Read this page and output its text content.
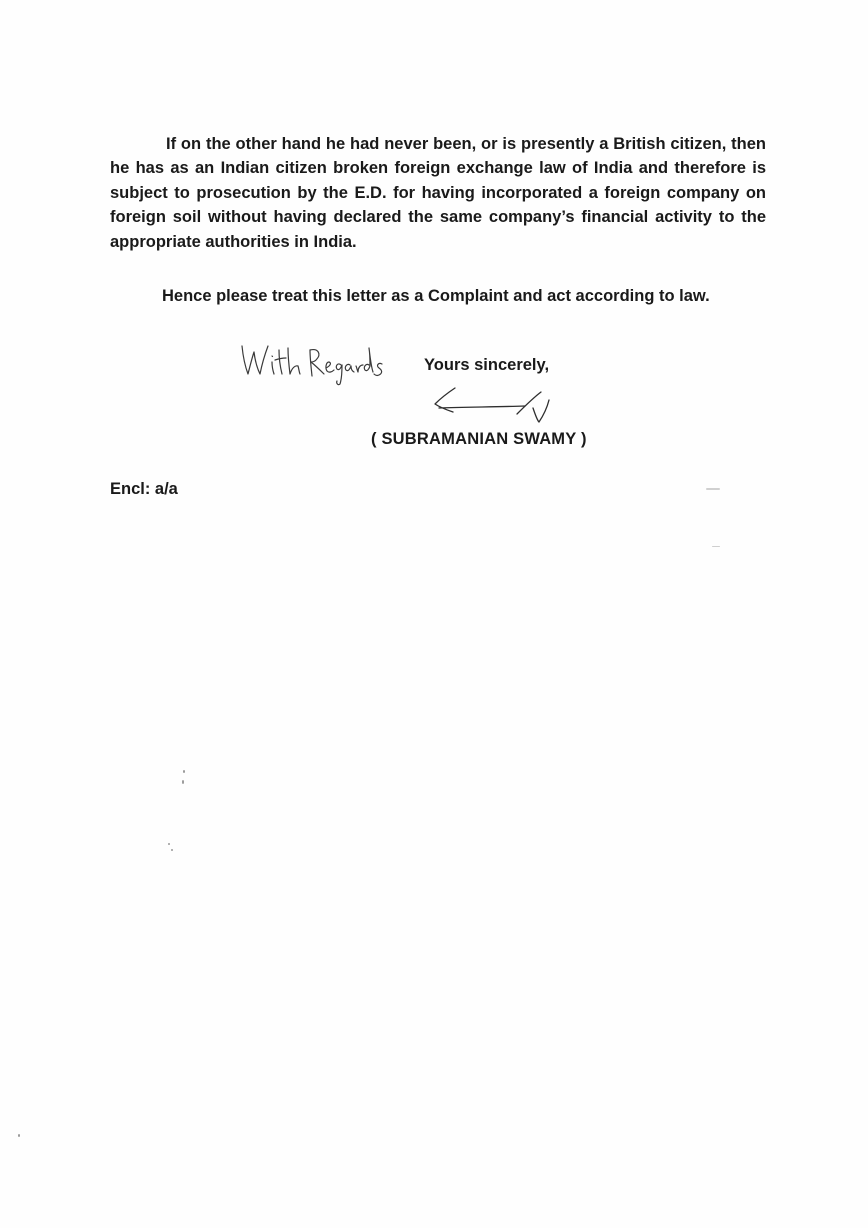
If on the other hand he had never been, or is presently a British citizen, then he has as an Indian citizen broken foreign exchange law of India and therefore is subject to prosecution by the E.D. for having incorporated a foreign company on foreign soil without having declared the same company’s financial activity to the appropriate authorities in India.

Hence please treat this letter as a Complaint and act according to law.

Yours sincerely,

( SUBRAMANIAN SWAMY )

Encl: a/a
